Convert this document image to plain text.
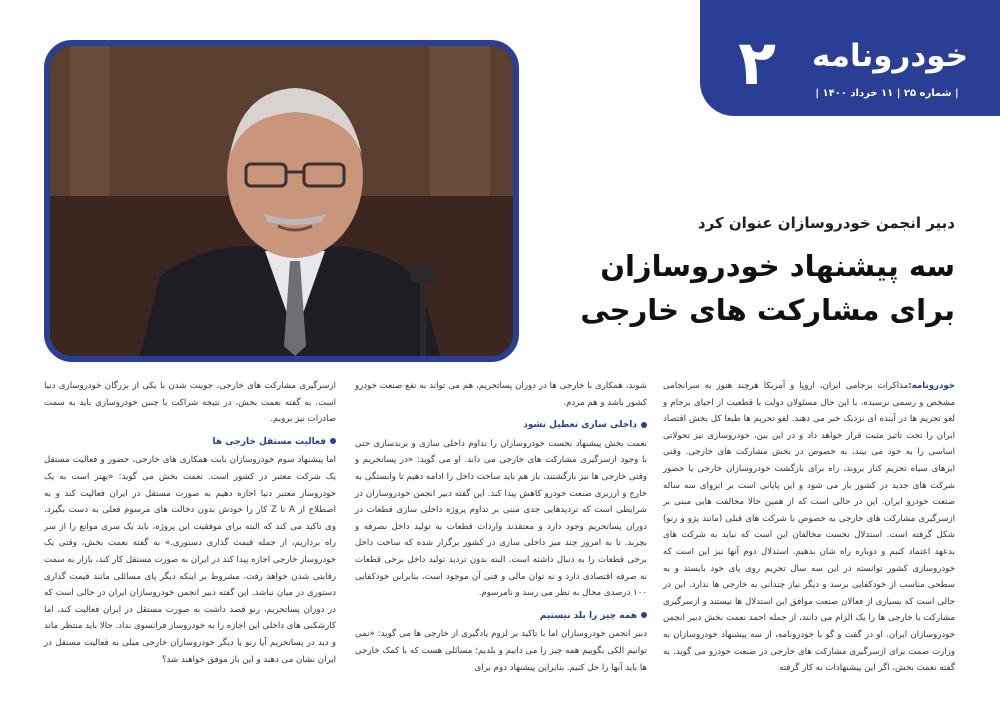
۲	خودرونامه
| شماره ۲۵ | ۱۱ خرداد ۱۴۰۰ |

دبیر انجمن خودروسازان عنوان کرد

سه پیشنهاد خودروسازان

برای مشارکت های خارجی

خودرونامه:مذاکرات برجامی ایران، اروپا و آمریکا هرچند هنوز به سرانجامی مشخص و رسمی نرسیده، با این حال مسئولان دولت با قطعیت از احیای برجام و لغو تحریم ها در آینده ای نزدیک خبر می دهند. لغو تحریم ها طبعا کل بخش اقتصاد ایران را تحت تاثیر مثبت قرار خواهد داد و در این بین، خودروسازی نیز تحولاتی اساسی را به خود می بیند، به خصوص در بخش مشارکت های خارجی. وقتی ابرهای سیاه تحریم کنار بروند، راه برای بازگشت خودروسازان خارجی یا حضور شرکت های جدید در کشور باز می شود و این پایانی است بر انزوای سه ساله صنعت خودرو ایران. این در حالی است که از همین حالا مخالفت هایی مبنی بر ازسرگیری مشارکت های خارجی به خصوص با شرکت های قبلی (مانند پژو و رنو) شکل گرفته است. استدلال نخست مخالفان این است که نباید به شرکت های بدعهد اعتماد کنیم و دوباره راه شان بدهیم. استدلال دوم آنها نیز این است که خودروسازی کشور توانسته در این سه سال تحریم روی پای خود بایستد و به سطحی مناسب از خودکفایی برسد و دیگر نیاز چندانی به خارجی ها ندارد. این در حالی است که بسیاری از فعالان صنعت موافق این استدلال ها نیستند و ازسرگیری مشارکت با خارجی ها را یک الزام می دانند، از جمله احمد نعمت بخش دبیر انجمن خودروسازان ایران. او در گفت و گو با خودرونامه، از سه پیشنهاد خودروسازان به وزارت صمت برای ازسرگیری مشارکت های خارجی در صنعت خودرو می گوید. به گفته نعمت بخش، اگر این پیشنهادات به کار گرفته

شوند، همکاری با خارجی ها در دوران پساتحریم، هم می تواند به نفع صنعت خودرو کشور باشد و هم مردم.

داخلی سازی تعطیل نشود

نعمت بخش پیشنهاد نخست خودروسازان را تداوم داخلی سازی و برندسازی حتی با وجود ازسرگیری مشارکت های خارجی می داند. او می گوید: «در پساتحریم و وقتی خارجی ها نیز بازگشتند، باز هم باید ساخت داخل را ادامه دهیم تا وابستگی به خارج و ارزبری صنعت خودرو کاهش پیدا کند. این گفته دبیر انجمن خودروسازان در شرایطی است که تردیدهایی جدی مبنی بر تداوم پروژه داخلی سازی قطعات در دوران پساتحریم وجود دارد و معتقدند واردات قطعات به تولید داخل بصرفه و بچربد. تا به امروز چند میز داخلی سازی در کشور برگزار شده که ساخت داخل برخی قطعات را به دنبال داشته است. البته بدون تردید تولید داخل برخی قطعات نه صرفه اقتصادی دارد و نه توان مالی و فنی آن موجود است، بنابراین خودکفایی ۱۰۰ درصدی محال به نظر می رسد و نامرسوم.

همه چیز را بلد نیستیم

دبیر انجمن خودروسازان اما با تاکید بر لزوم یادگیری از خارجی ها می گوید: «نمی توانیم الکی بگوییم همه چیز را می دانیم و بلدیم؛ مسائلی هست که با کمک خارجی ها باید آنها را حل کنیم. بنابراین پیشنهاد دوم برای

ازسرگیری مشارکت های خارجی، جوینت شدن با یکی از بزرگان خودروسازی دنیا است. به گفته نعمت بخش، در نتیجه شراکت با چنین خودروسازی باید به سمت صادرات نیز برویم.

فعالیت مستقل خارجی ها

اما پیشنهاد سوم خودروسازان بابت همکاری های خارجی، حضور و فعالیت مستقل یک شرکت معتبر در کشور است. نعمت بخش می گوید: «بهتر است به یک خودروساز معتبر دنیا اجازه دهیم به صورت مستقل در ایران فعالیت کند و به اصطلاح از A تا Z کار را خودش بدون دخالت های مرسوم فعلی به دست بگیرد. وی تاکید می کند که البته برای موفقیت این پروژه، باید یک سری موانع را از سر راه برداریم، از جمله قیمت گذاری دستوری.» به گفته نعمت بخش، وقتی یک خودروساز خارجی اجازه پیدا کند در ایران به صورت مستقل کار کند، بازار به سمت رقابتی شدن خواهد رفت، مشروط بر اینکه دیگر پای مسائلی مانند قیمت گذاری دستوری در میان نباشد. این گفته دبیر انجمن خودروسازان ایران در حالی است که در دوران پساتحریم، رنو قصد داشت به صورت مستقل در ایران فعالیت کند، اما کارشکنی های داخلی این اجازه را به خودروساز فرانسوی نداد. حالا باید منتظر ماند و دید در پساتحریم آیا رنو یا دیگر خودروسازان خارجی میلی به فعالیت مستقل در ایران نشان می دهند و این بار موفق خواهند شد؟
